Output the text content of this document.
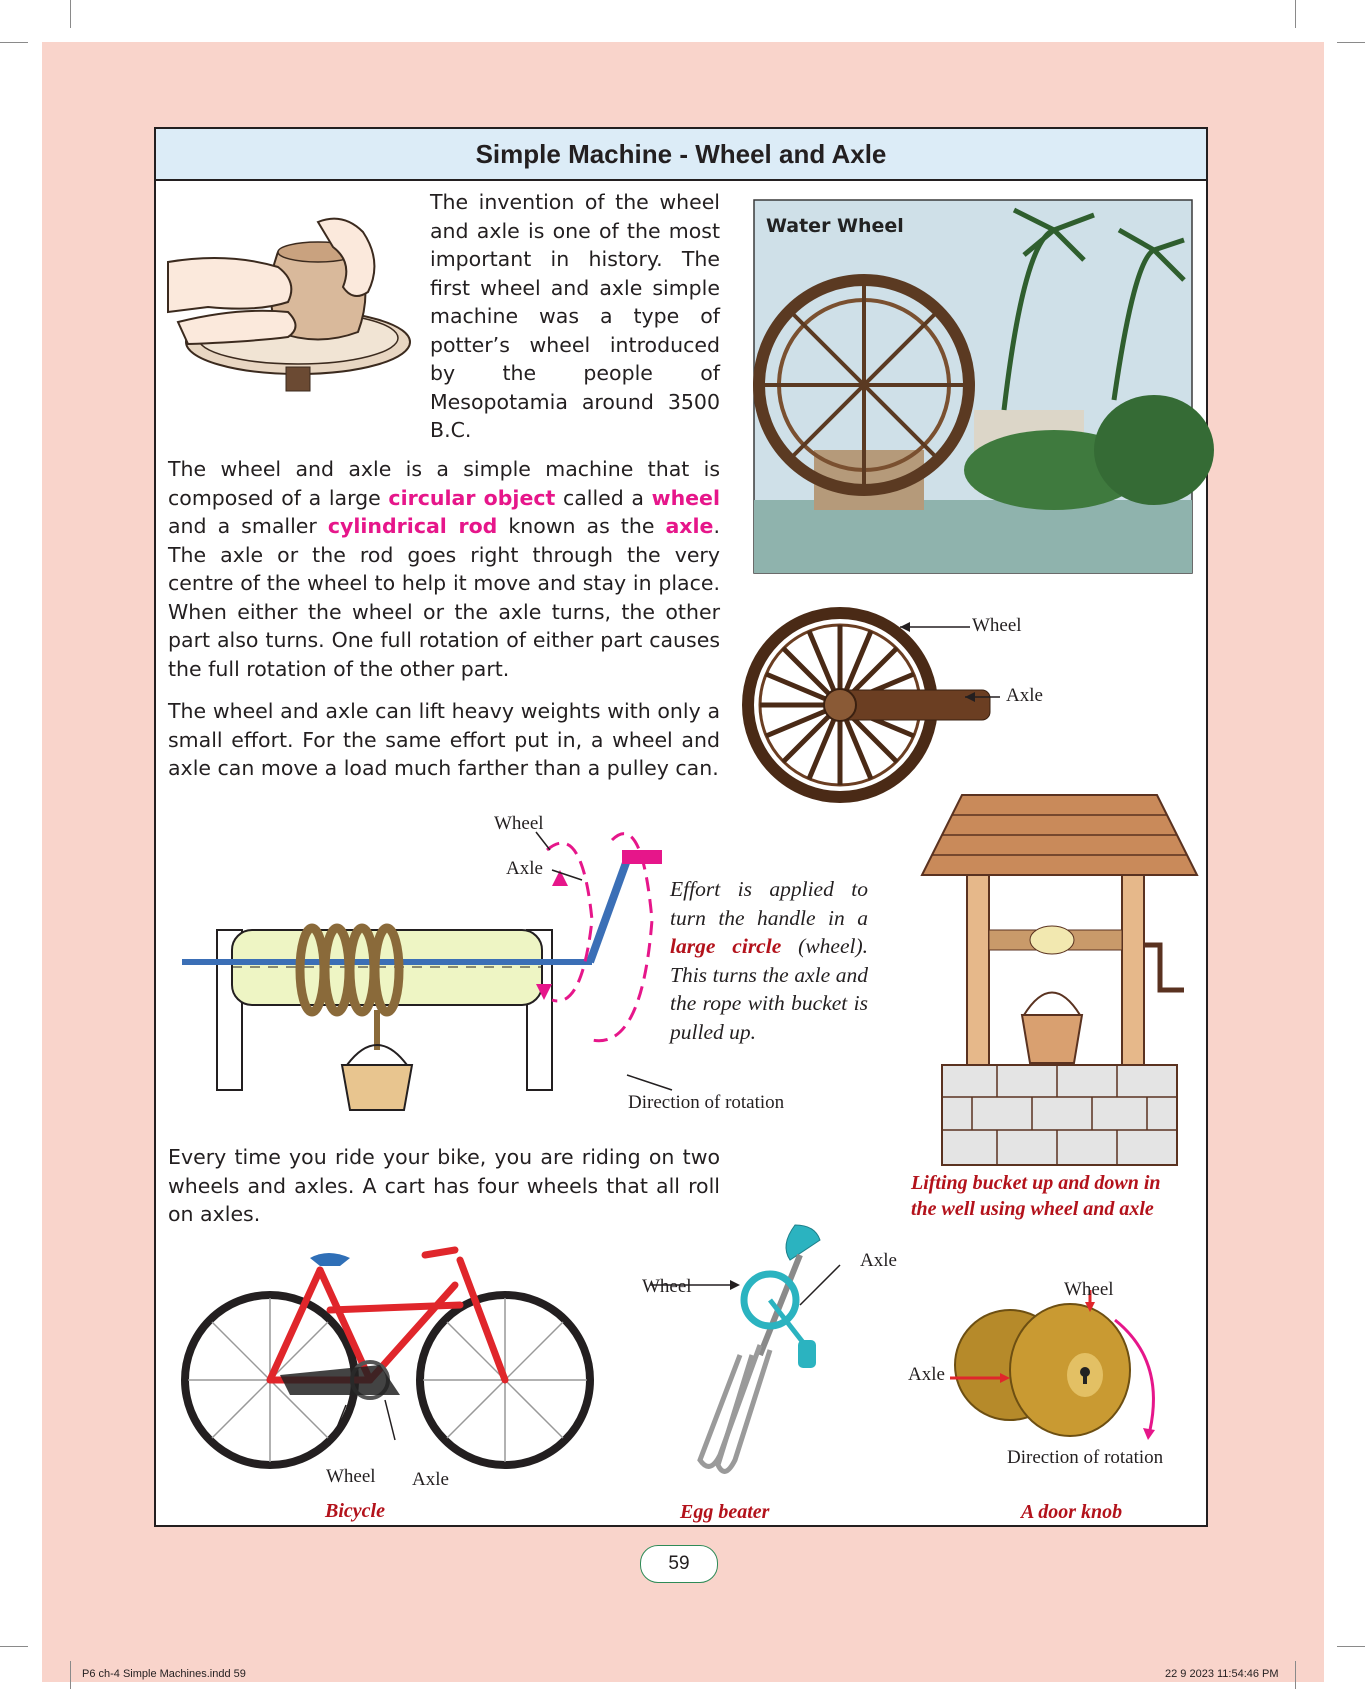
Simple Machine - Wheel and Axle
The invention of the wheel and axle is one of the most important in history. The first wheel and axle simple machine was a type of potter’s wheel introduced by the people of Mesopotamia around 3500 B.C.

The wheel and axle is a simple machine that is composed of a large circular object called a wheel and a smaller cylindrical rod known as the axle. The axle or the rod goes right through the very centre of the wheel to help it move and stay in place. When either the wheel or the axle turns, the other part also turns. One full rotation of either part causes the full rotation of the other part.

The wheel and axle can lift heavy weights with only a small effort. For the same effort put in, a wheel and axle can move a load much farther than a pulley can.
Water Wheel
Wheel
Axle
Wheel
Axle
Direction of rotation
Effort is applied to turn the handle in a large circle (wheel). This turns the axle and the rope with bucket is pulled up.
Lifting bucket up and down in
the well using wheel and axle
Every time you ride your bike, you are riding on two wheels and axles. A cart has four wheels that all roll on axles.
Wheel Axle
Bicycle
Wheel
Axle
Egg beater
Wheel
Axle
Direction of rotation
A door knob
59
P6 ch-4 Simple Machines.indd 59	22 9 2023 11:54:46 PM
